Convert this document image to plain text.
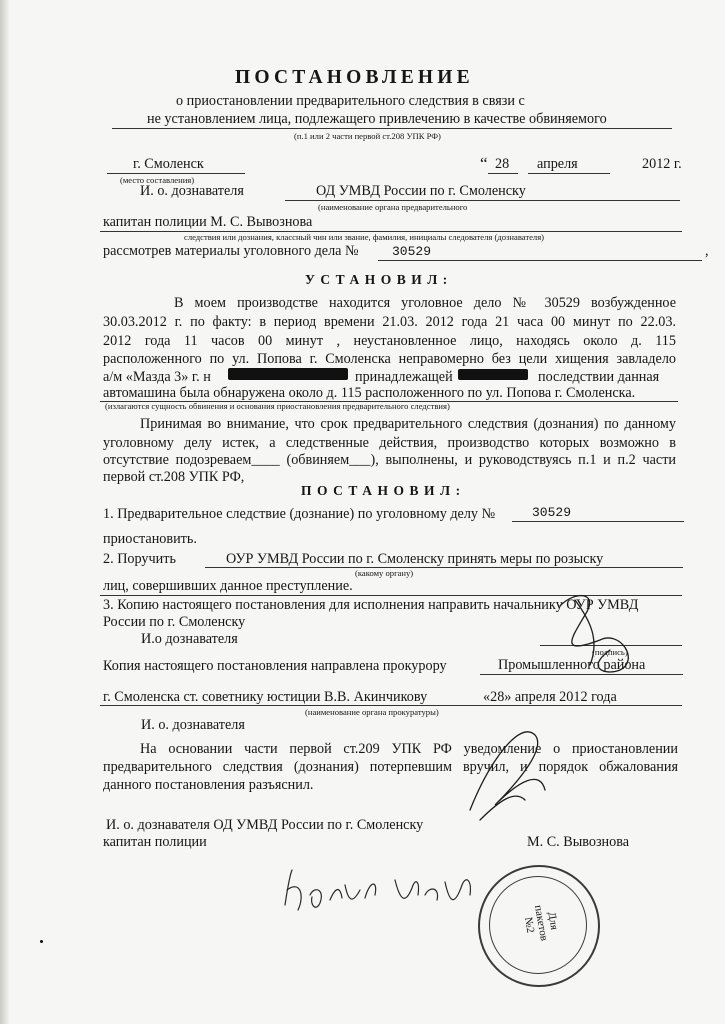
ПОСТАНОВЛЕНИЕ
о приостановлении предварительного следствия в связи с
не установлением лица, подлежащего привлечению в качестве обвиняемого
(п.1 или 2 части первой ст.208 УПК РФ)
г. Смоленск
(место составления)
“ 28 апреля	2012 г.
И. о. дознавателя	ОД УМВД России по г. Смоленску
(наименование органа предварительного
капитан полиции М. С. Вывознова
следствия или дознания, классный чин или звание, фамилия, инициалы следователя (дознавателя)
рассмотрев материалы уголовного дела №	30529	,
УСТАНОВИЛ:
В моем производстве находится уголовное дело № 30529 возбужденное
30.03.2012 г. по факту: в период времени 21.03. 2012 года 21 часа 00 минут по 22.03.
2012 года 11 часов 00 минут , неустановленное лицо, находясь около д. 115
расположенного по ул. Попова г. Смоленска неправомерно без цели хищения завладело
а/м «Мазда 3» г. н	принадлежащей	последствии данная
автомашина была обнаружена около д. 115 расположенного по ул. Попова г. Смоленска.
(излагаются сущность обвинения и основания приостановления предварительного следствия)
Принимая во внимание, что срок предварительного следствия (дознания) по данному
уголовному делу истек, а следственные действия, производство которых возможно в
отсутствие подозреваем____ (обвиняем___), выполнены, и руководствуясь п.1 и п.2 части
первой ст.208 УПК РФ,
ПОСТАНОВИЛ:
1. Предварительное следствие (дознание) по уголовному делу №	30529
приостановить.
2. Поручить	ОУР УМВД России по г. Смоленску принять меры по розыску
(какому органу)
лиц, совершивших данное преступление.
3. Копию настоящего постановления для исполнения направить начальнику ОУР УМВД
России по г. Смоленску
И.о дознавателя
(подпись)
Копия настоящего постановления направлена прокурору	Промышленного района
г. Смоленска ст. советнику юстиции В.В. Акинчикову	«28» апреля 2012 года
(наименование органа прокуратуры)
И. о. дознавателя
На основании части первой ст.209 УПК РФ уведомление о приостановлении
предварительного следствия (дознания) потерпевшим вручил, и порядок обжалования
данного постановления разъяснил.
И. о. дознавателя ОД УМВД России по г. Смоленску
капитан полиции	М. С. Вывознова
Копия верна
Для пакетов №2
